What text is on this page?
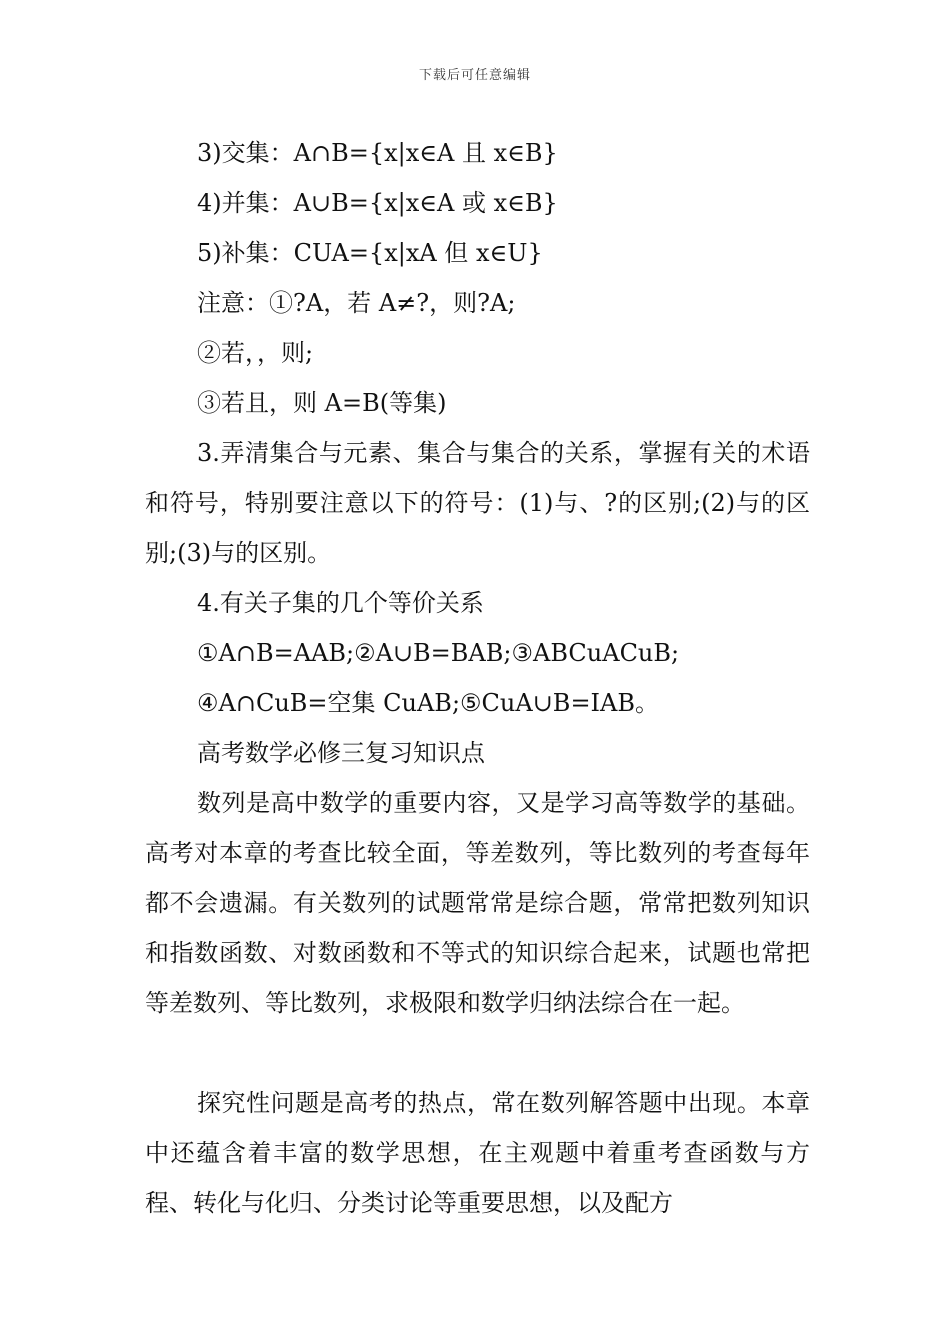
下载后可任意编辑
3)交集：A∩B={x|x∈A 且 x∈B}
4)并集：A∪B={x|x∈A 或 x∈B}
5)补集：CUA={x|xA 但 x∈U}
注意：①?A，若 A≠?，则?A;
②若，，则;
③若且，则 A=B(等集)
3.弄清集合与元素、集合与集合的关系，掌握有关的术语和符号，特别要注意以下的符号：(1)与、?的区别;(2)与的区别;(3)与的区别。
4.有关子集的几个等价关系
①A∩B=AAB;②A∪B=BAB;③ABCuACuB;
④A∩CuB=空集 CuAB;⑤CuA∪B=IAB。
高考数学必修三复习知识点
数列是高中数学的重要内容，又是学习高等数学的基础。高考对本章的考查比较全面，等差数列，等比数列的考查每年都不会遗漏。有关数列的试题常常是综合题，常常把数列知识和指数函数、对数函数和不等式的知识综合起来，试题也常把等差数列、等比数列，求极限和数学归纳法综合在一起。
探究性问题是高考的热点，常在数列解答题中出现。本章中还蕴含着丰富的数学思想，在主观题中着重考查函数与方程、转化与化归、分类讨论等重要思想，以及配方
